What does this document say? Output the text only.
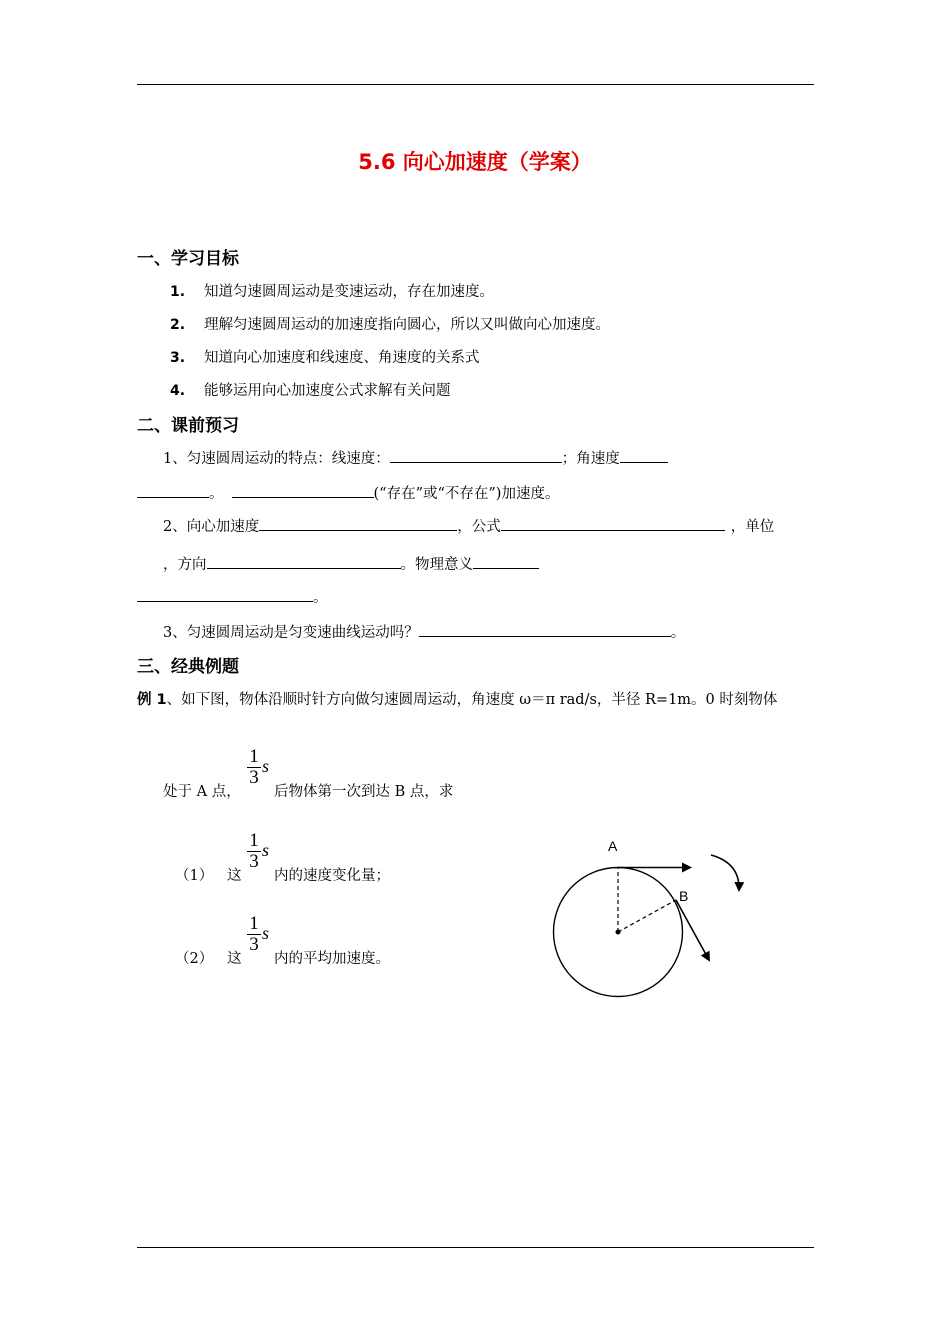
5.6 向心加速度（学案）
一、学习目标
1. 知道匀速圆周运动是变速运动，存在加速度。
2. 理解匀速圆周运动的加速度指向圆心，所以又叫做向心加速度。
3. 知道向心加速度和线速度、角速度的关系式
4. 能够运用向心加速度公式求解有关问题
二、课前预习
1、匀速圆周运动的特点：线速度：	；角速度
。	(“存在”或“不存在”)加速度。
2、向心加速度	，公式	，单位
，方向	。物理意义
。
3、匀速圆周运动是匀变速曲线运动吗？	。
三、经典例题
例 1、如下图，物体沿顺时针方向做匀速圆周运动，角速度 ω＝π rad/s，半径 R=1m。0 时刻物体
处于 A 点，
1
3
s
后物体第一次到达 B 点，求
（1） 这
1
3
s
内的速度变化量；
（2） 这
1
3
s
内的平均加速度。
A
B
